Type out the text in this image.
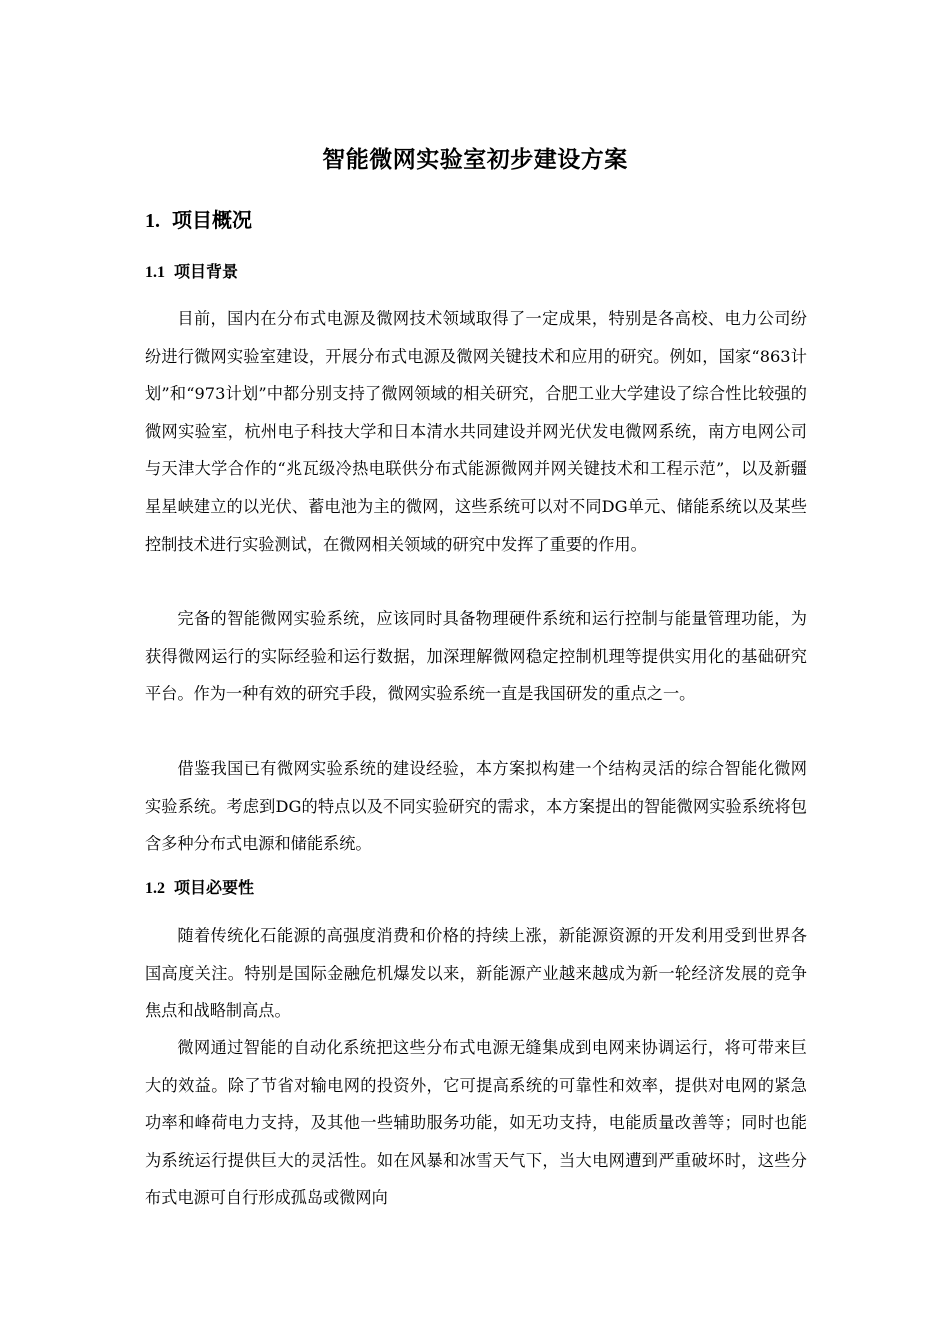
智能微网实验室初步建设方案
1. 项目概况
1.1 项目背景

目前，国内在分布式电源及微网技术领域取得了一定成果，特别是各高校、电力公司纷纷进行微网实验室建设，开展分布式电源及微网关键技术和应用的研究。例如，国家“863计划”和“973计划”中都分别支持了微网领域的相关研究，合肥工业大学建设了综合性比较强的微网实验室，杭州电子科技大学和日本清水共同建设并网光伏发电微网系统，南方电网公司与天津大学合作的“兆瓦级冷热电联供分布式能源微网并网关键技术和工程示范”，以及新疆星星峡建立的以光伏、蓄电池为主的微网，这些系统可以对不同DG单元、储能系统以及某些控制技术进行实验测试，在微网相关领域的研究中发挥了重要的作用。

完备的智能微网实验系统，应该同时具备物理硬件系统和运行控制与能量管理功能，为获得微网运行的实际经验和运行数据，加深理解微网稳定控制机理等提供实用化的基础研究平台。作为一种有效的研究手段，微网实验系统一直是我国研发的重点之一。

借鉴我国已有微网实验系统的建设经验，本方案拟构建一个结构灵活的综合智能化微网实验系统。考虑到DG的特点以及不同实验研究的需求，本方案提出的智能微网实验系统将包含多种分布式电源和储能系统。

1.2 项目必要性

随着传统化石能源的高强度消费和价格的持续上涨，新能源资源的开发利用受到世界各国高度关注。特别是国际金融危机爆发以来，新能源产业越来越成为新一轮经济发展的竞争焦点和战略制高点。

微网通过智能的自动化系统把这些分布式电源无缝集成到电网来协调运行，将可带来巨大的效益。除了节省对输电网的投资外，它可提高系统的可靠性和效率，提供对电网的紧急功率和峰荷电力支持，及其他一些辅助服务功能，如无功支持，电能质量改善等；同时也能为系统运行提供巨大的灵活性。如在风暴和冰雪天气下，当大电网遭到严重破坏时，这些分布式电源可自行形成孤岛或微网向
